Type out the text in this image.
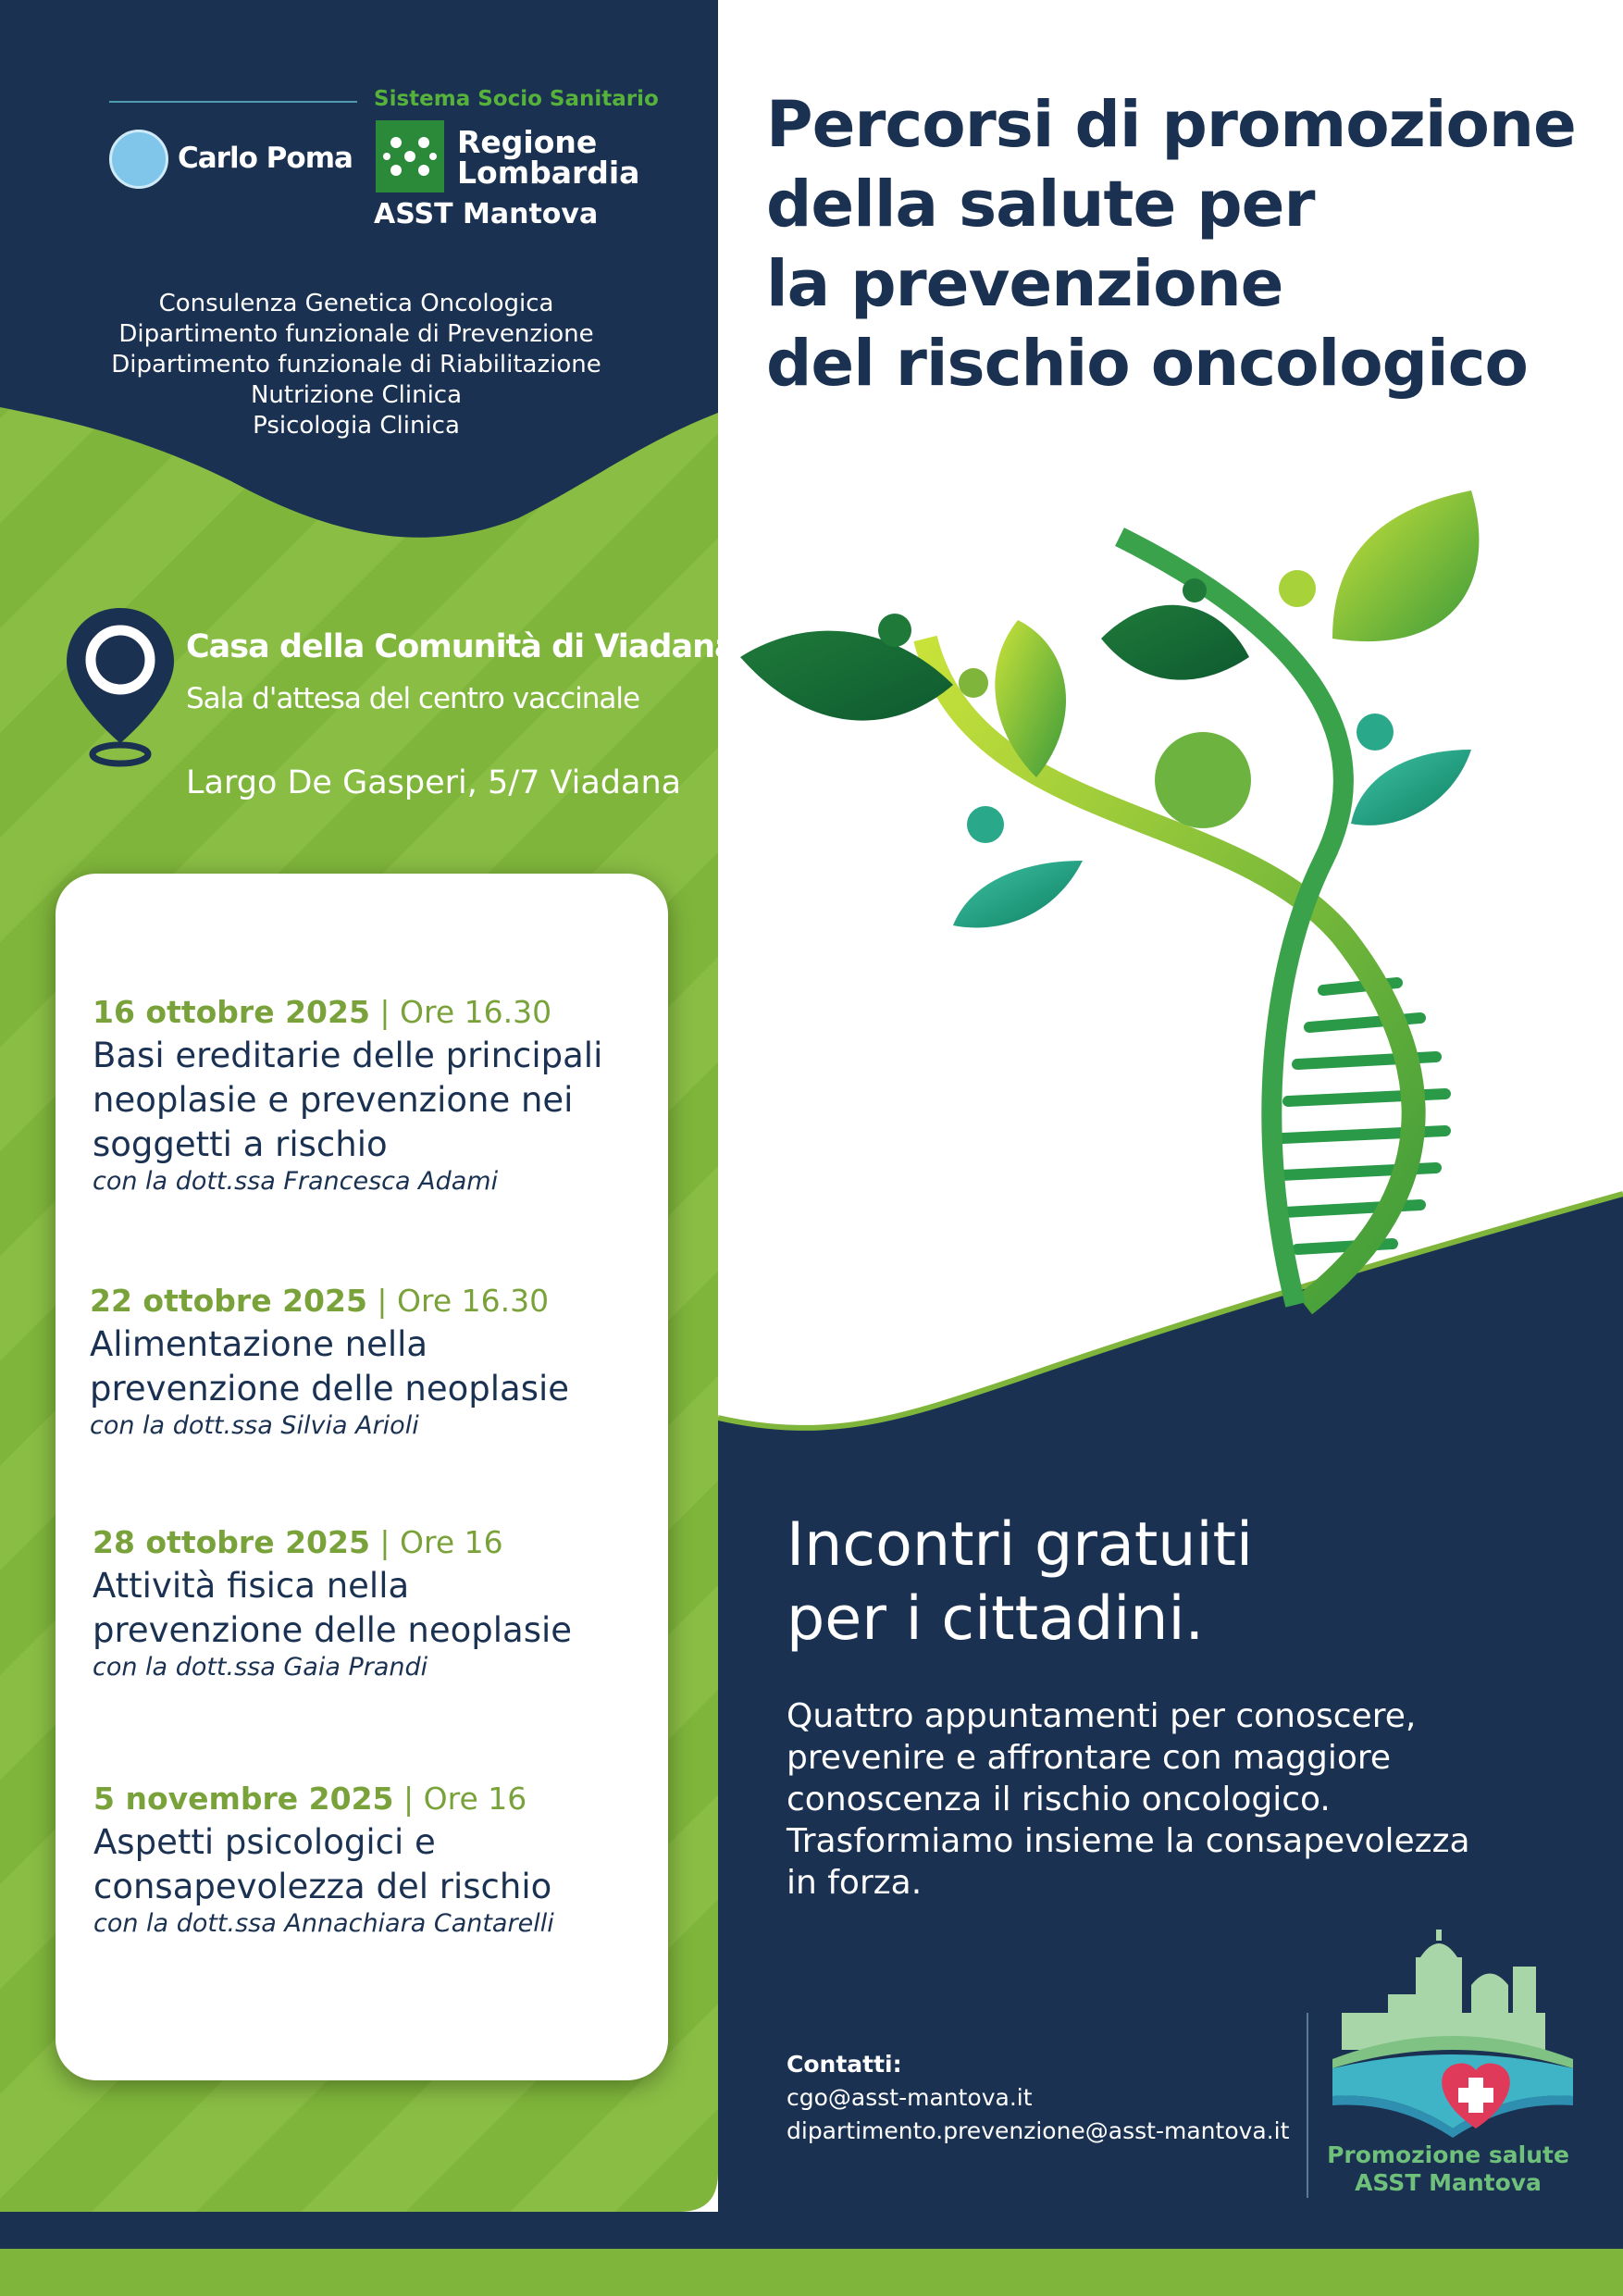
Sistema Socio Sanitario
Carlo Poma	Regione
Lombardia
ASST Mantova
Consulenza Genetica Oncologica
Dipartimento funzionale di Prevenzione
Dipartimento funzionale di Riabilitazione
Nutrizione Clinica
Psicologia Clinica
Casa della Comunità di Viadana
Sala d'attesa del centro vaccinale
Largo De Gasperi, 5/7 Viadana
16 ottobre 2025 | Ore 16.30
Basi ereditarie delle principali
neoplasie e prevenzione nei
soggetti a rischio
con la dott.ssa Francesca Adami
22 ottobre 2025 | Ore 16.30
Alimentazione nella
prevenzione delle neoplasie
con la dott.ssa Silvia Arioli
28 ottobre 2025 | Ore 16
Attività fisica nella
prevenzione delle neoplasie
con la dott.ssa Gaia Prandi
5 novembre 2025 | Ore 16
Aspetti psicologici e
consapevolezza del rischio
con la dott.ssa Annachiara Cantarelli
Percorsi di promozione
della salute per
la prevenzione
del rischio oncologico
Incontri gratuiti
per i cittadini.
Quattro appuntamenti per conoscere,
prevenire e affrontare con maggiore
conoscenza il rischio oncologico.
Trasformiamo insieme la consapevolezza
in forza.
Contatti:
cgo@asst-mantova.it
dipartimento.prevenzione@asst-mantova.it
Promozione salute
ASST Mantova
